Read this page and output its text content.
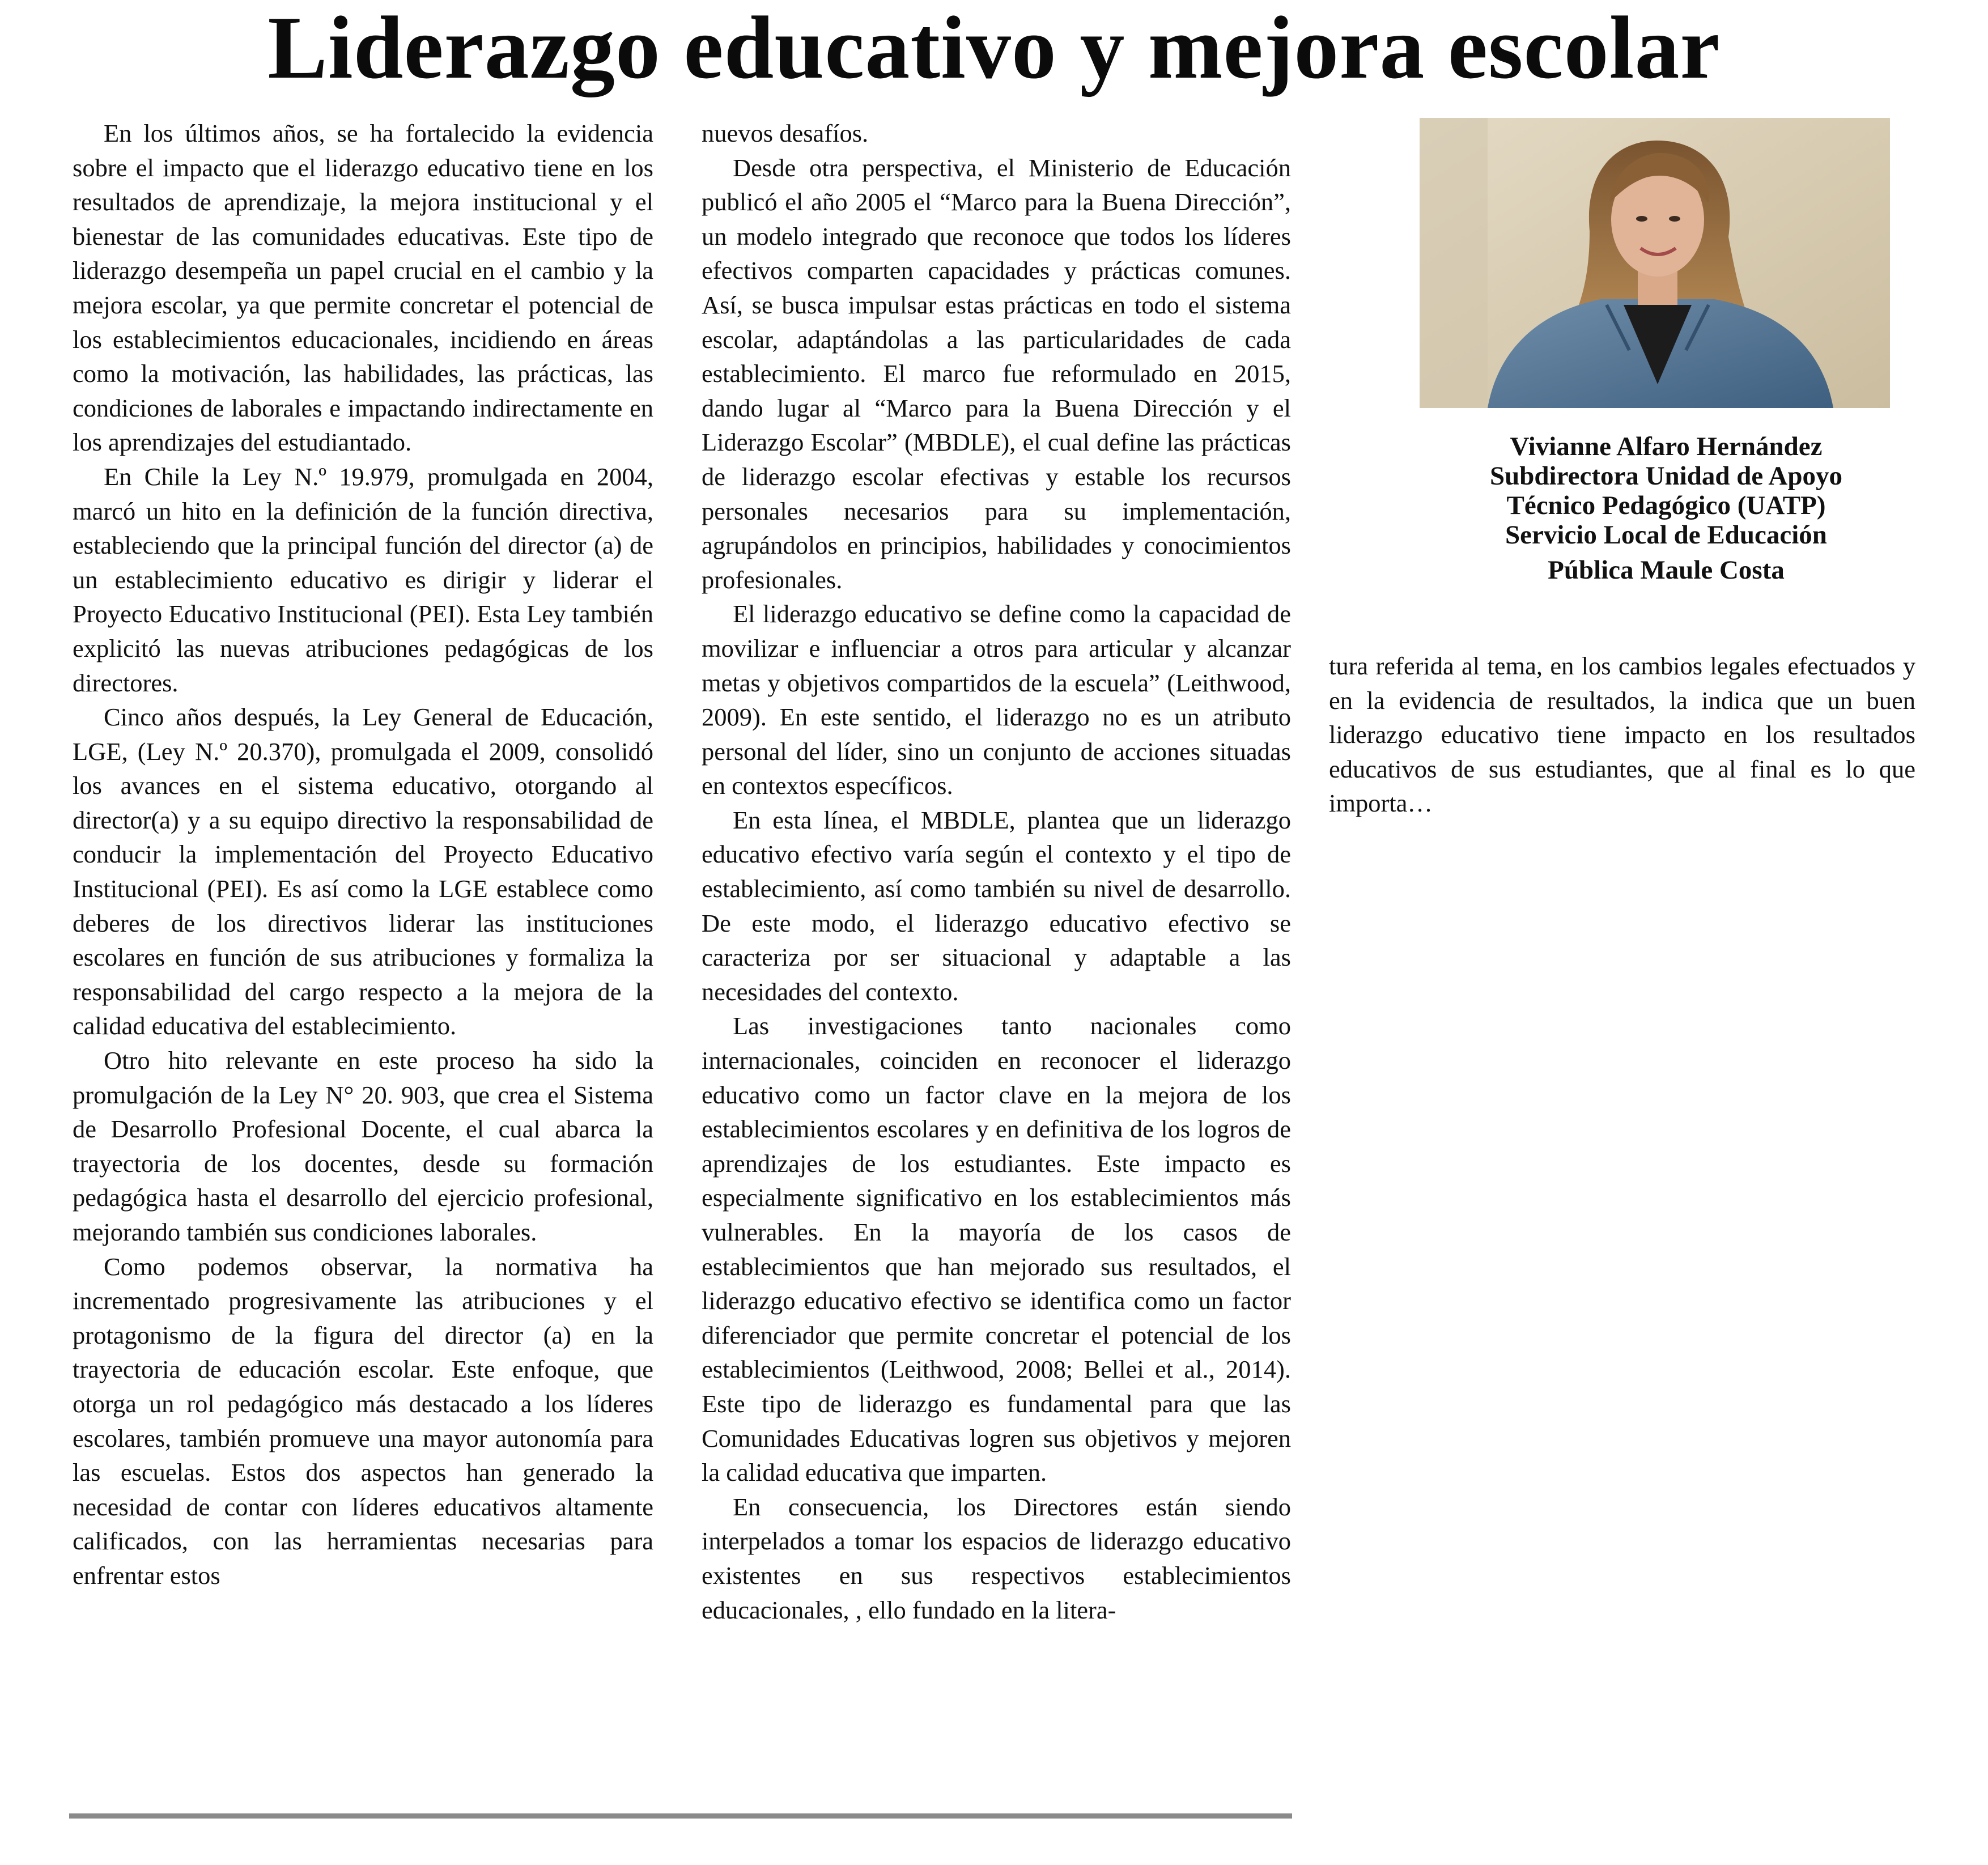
Liderazgo educativo y mejora escolar

En los últimos años, se ha fortalecido la evidencia sobre el impacto que el liderazgo educativo tiene en los resultados de aprendizaje, la mejora institucional y el bienestar de las comunidades educativas. Este tipo de liderazgo desempeña un papel crucial en el cambio y la mejora escolar, ya que permite concretar el potencial de los establecimientos educacionales, incidiendo en áreas como la motivación, las habilidades, las prácticas, las condiciones de laborales e impactando indirectamente en los aprendizajes del estudiantado.

En Chile la Ley N.º 19.979, promulgada en 2004, marcó un hito en la definición de la función directiva, estableciendo que la principal función del director (a) de un establecimiento educativo es dirigir y liderar el Proyecto Educativo Institucional (PEI). Esta Ley también explicitó las nuevas atribuciones pedagógicas de los directores.

Cinco años después, la Ley General de Educación, LGE, (Ley N.º 20.370), promulgada el 2009, consolidó los avances en el sistema educativo, otorgando al director(a) y a su equipo directivo la responsabilidad de conducir la implementación del Proyecto Educativo Institucional (PEI). Es así como la LGE establece como deberes de los directivos liderar las instituciones escolares en función de sus atribuciones y formaliza la responsabilidad del cargo respecto a la mejora de la calidad educativa del establecimiento.

Otro hito relevante en este proceso ha sido la promulgación de la Ley N° 20. 903, que crea el Sistema de Desarrollo Profesional Docente, el cual abarca la trayectoria de los docentes, desde su formación pedagógica hasta el desarrollo del ejercicio profesional, mejorando también sus condiciones laborales.

Como podemos observar, la normativa ha incrementado progresivamente las atribuciones y el protagonismo de la figura del director (a) en la trayectoria de educación escolar. Este enfoque, que otorga un rol pedagógico más destacado a los líderes escolares, también promueve una mayor autonomía para las escuelas. Estos dos aspectos han generado la necesidad de contar con líderes educativos altamente calificados, con las herramientas necesarias para enfrentar estos

nuevos desafíos.

Desde otra perspectiva, el Ministerio de Educación publicó el año 2005 el “Marco para la Buena Dirección”, un modelo integrado que reconoce que todos los líderes efectivos comparten capacidades y prácticas comunes. Así, se busca impulsar estas prácticas en todo el sistema escolar, adaptándolas a las particularidades de cada establecimiento. El marco fue reformulado en 2015, dando lugar al “Marco para la Buena Dirección y el Liderazgo Escolar” (MBDLE), el cual define las prácticas de liderazgo escolar efectivas y estable los recursos personales necesarios para su implementación, agrupándolos en principios, habilidades y conocimientos profesionales.

El liderazgo educativo se define como la capacidad de movilizar e influenciar a otros para articular y alcanzar metas y objetivos compartidos de la escuela” (Leithwood, 2009). En este sentido, el liderazgo no es un atributo personal del líder, sino un conjunto de acciones situadas en contextos específicos.

En esta línea, el MBDLE, plantea que un liderazgo educativo efectivo varía según el contexto y el tipo de establecimiento, así como también su nivel de desarrollo. De este modo, el liderazgo educativo efectivo se caracteriza por ser situacional y adaptable a las necesidades del contexto.

Las investigaciones tanto nacionales como internacionales, coinciden en reconocer el liderazgo educativo como un factor clave en la mejora de los establecimientos escolares y en definitiva de los logros de aprendizajes de los estudiantes. Este impacto es especialmente significativo en los establecimientos más vulnerables. En la mayoría de los casos de establecimientos que han mejorado sus resultados, el liderazgo educativo efectivo se identifica como un factor diferenciador que permite concretar el potencial de los establecimientos (Leithwood, 2008; Bellei et al., 2014). Este tipo de liderazgo es fundamental para que las Comunidades Educativas logren sus objetivos y mejoren la calidad educativa que imparten.

En consecuencia, los Directores están siendo interpelados a tomar los espacios de liderazgo educativo existentes en sus respectivos establecimientos educacionales, , ello fundado en la litera-

Vivianne Alfaro Hernández
Subdirectora Unidad de Apoyo
Técnico Pedagógico (UATP)
Servicio Local de Educación
Pública Maule Costa

tura referida al tema, en los cambios legales efectuados y en la evidencia de resultados, la indica que un buen liderazgo educativo tiene impacto en los resultados educativos de sus estudiantes, que al final es lo que importa…
